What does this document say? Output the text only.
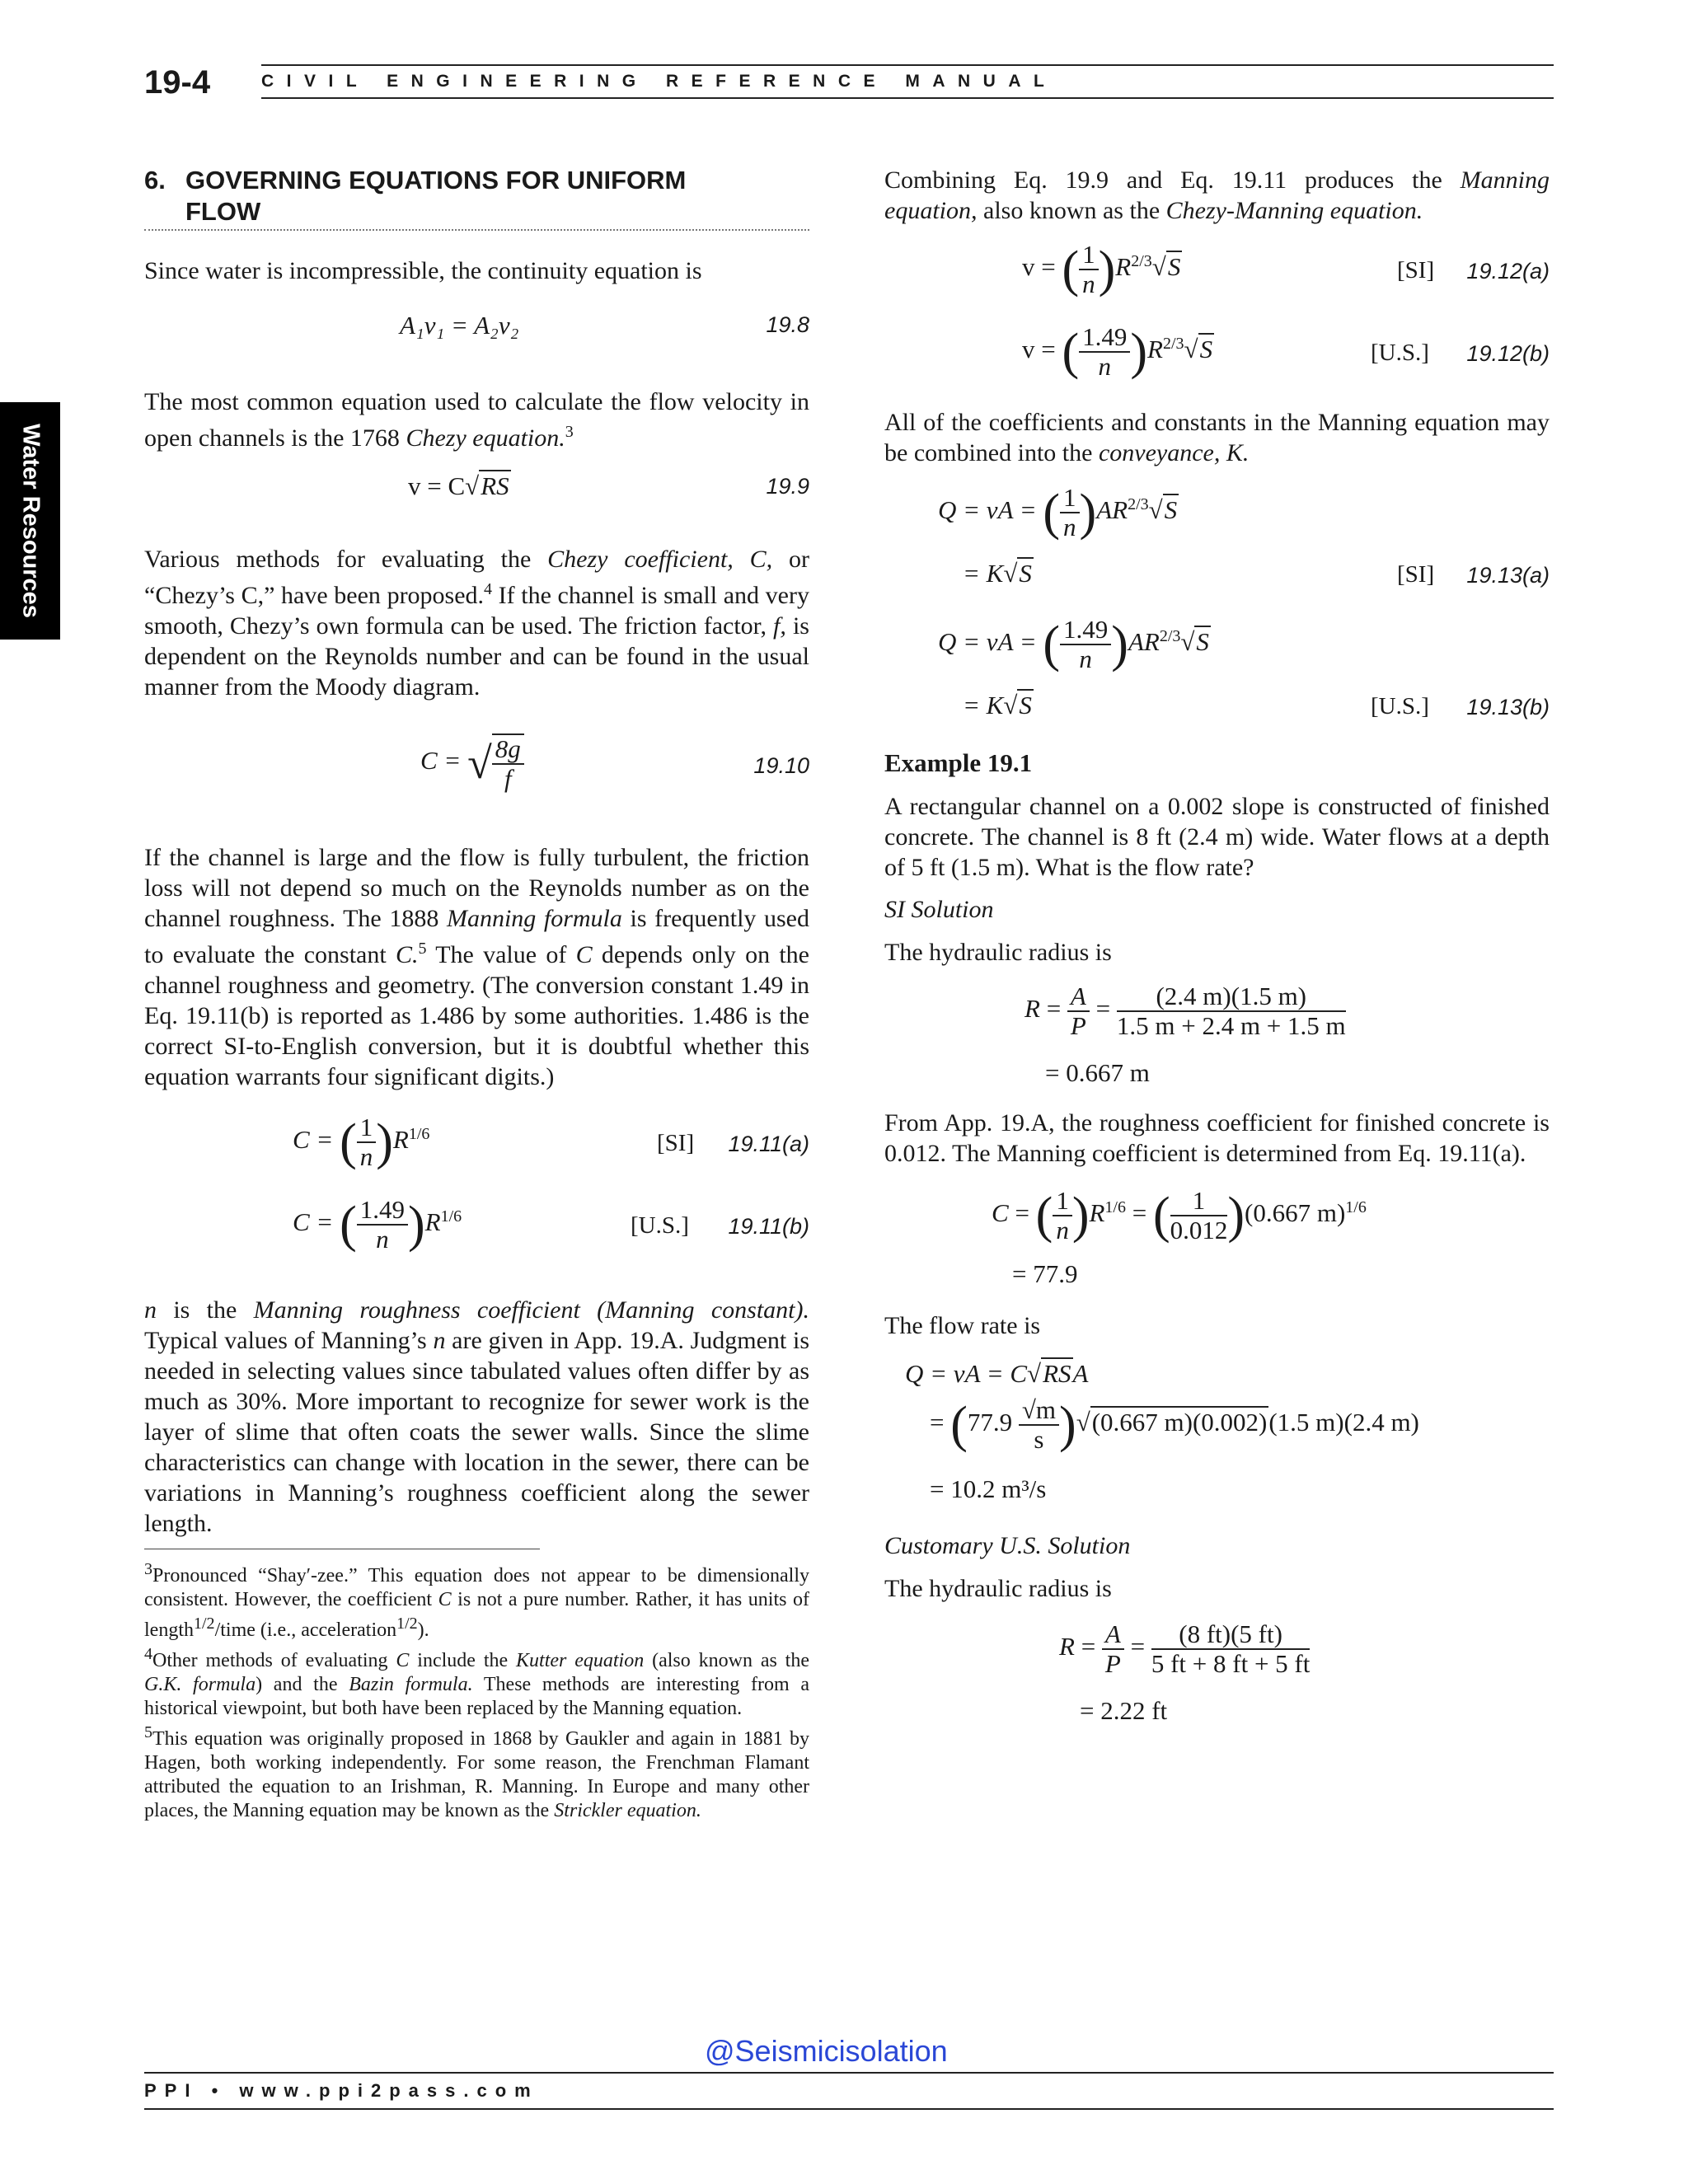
19-4	CIVIL ENGINEERING REFERENCE MANUAL
Water Resources
6. GOVERNING EQUATIONS FOR UNIFORM
FLOW

Since water is incompressible, the continuity equation is

A₁v₁ = A₂v₂	19.8

The most common equation used to calculate the flow velocity in open channels is the 1768 Chezy equation.$^3$

v = C√RS	19.9

Various methods for evaluating the Chezy coefficient, C, or “Chezy’s C,” have been proposed.$^4$ If the channel is small and very smooth, Chezy’s own formula can be used. The friction factor, f, is dependent on the Reynolds number and can be found in the usual manner from the Moody diagram.

C = √ $\frac{8g}{f}$	19.10

If the channel is large and the flow is fully turbulent, the friction loss will not depend so much on the Reynolds number as on the channel roughness. The 1888 Manning formula is frequently used to evaluate the constant C.$^5$ The value of C depends only on the channel roughness and geometry. (The conversion constant 1.49 in Eq. 19.11(b) is reported as 1.486 by some authorities. 1.486 is the correct SI-to-English conversion, but it is doubtful whether this equation warrants four significant digits.)

C = ( $\frac{1}{n} )R^{1/6}$	[SI] 19.11(a)
C = ( $\frac{1.49}{n} )R^{1/6}$	[U.S.] 19.11(b)

n is the Manning roughness coefficient (Manning constant). Typical values of Manning’s n are given in App. 19.A. Judgment is needed in selecting values since tabulated values often differ by as much as 30%. More important to recognize for sewer work is the layer of slime that often coats the sewer walls. Since the slime characteristics can change with location in the sewer, there can be variations in Manning’s roughness coefficient along the sewer length.

$^3$Pronounced “Shay′-zee.” This equation does not appear to be dimensionally consistent. However, the coefficient C is not a pure number. Rather, it has units of length$^{1/2}$/time (i.e., acceleration$^{1/2}$).

$^4$Other methods of evaluating C include the Kutter equation (also known as the G.K. formula) and the Bazin formula. These methods are interesting from a historical viewpoint, but both have been replaced by the Manning equation.

$^5$This equation was originally proposed in 1868 by Gaukler and again in 1881 by Hagen, both working independently. For some reason, the Frenchman Flamant attributed the equation to an Irishman, R. Manning. In Europe and many other places, the Manning equation may be known as the Strickler equation.

Combining Eq. 19.9 and Eq. 19.11 produces the Manning equation, also known as the Chezy-Manning equation.

v = ( $\frac{1}{n} )R^{2/3}√S$	[SI] 19.12(a)
v = ( $\frac{1.49}{n} )R^{2/3}√S$	[U.S.] 19.12(b)

All of the coefficients and constants in the Manning equation may be combined into the conveyance, K.

Q = vA = ( $\frac{1}{n} )AR^{2/3}√S$
= K√S	[SI] 19.13(a)
Q = vA = ( $\frac{1.49}{n} )AR^{2/3}√S$
= K√S	[U.S.] 19.13(b)

Example 19.1

A rectangular channel on a 0.002 slope is constructed of finished concrete. The channel is 8 ft (2.4 m) wide. Water flows at a depth of 5 ft (1.5 m). What is the flow rate?

SI Solution

The hydraulic radius is

$R = \frac{A}{P} = \frac{(2.4 m)(1.5 m)}{1.5 m + 2.4 m + 1.5 m}$
= 0.667 m

From App. 19.A, the roughness coefficient for finished concrete is 0.012. The Manning coefficient is determined from Eq. 19.11(a).

C = ( $\frac{1}{n} )R^{1/6}$ = ( $\frac{1}{0.012} )(0.667$ m)$^{1/6}$
= 77.9

The flow rate is

Q = vA = C√RSA
= $(77.9 \frac{√m}{s} )√(0.667$ m)(0.002)(1.5 m)(2.4 m)
= 10.2 m³/s

Customary U.S. Solution

The hydraulic radius is

$R = \frac{A}{P} = \frac{(8 ft)(5 ft)}{5 ft + 8 ft + 5 ft}$
= 2.22 ft
@Seismicisolation
PPI • www.ppi2pass.com
